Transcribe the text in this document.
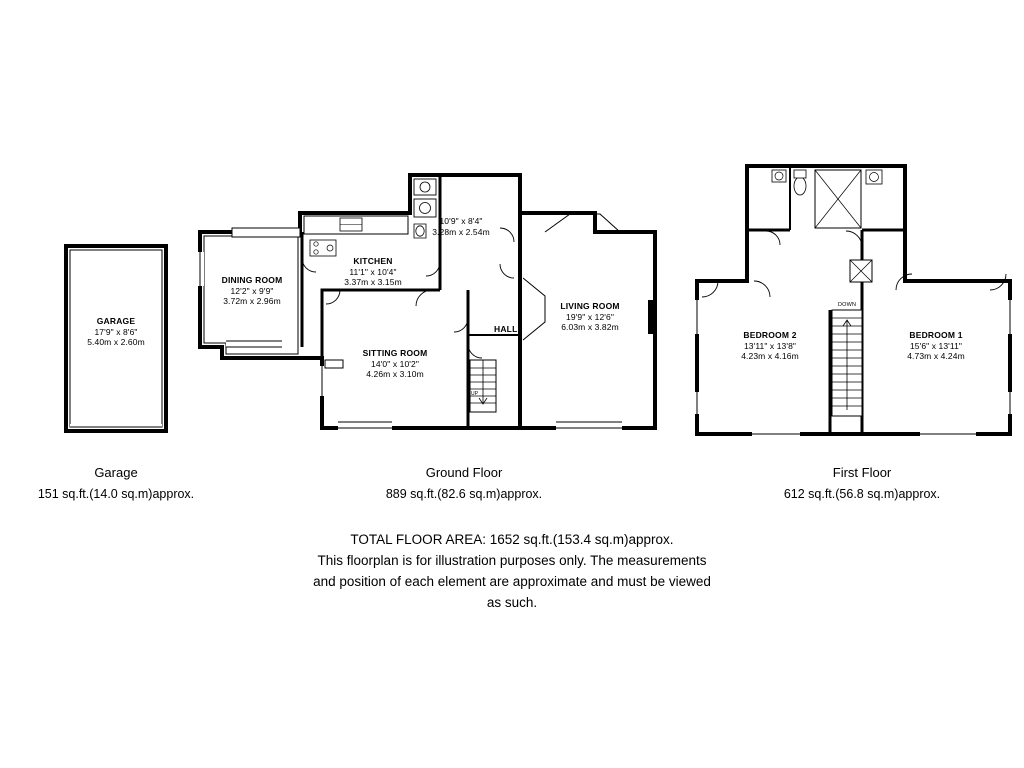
GARAGE
17'9" x 8'6"
5.40m x 2.60m
DINING ROOM
12'2" x 9'9"
3.72m x 2.96m
KITCHEN
11'1" x 10'4"
3.37m x 3.15m
10'9" x 8'4"
3.28m x 2.54m
LIVING ROOM
19'9" x 12'6"
6.03m x 3.82m
SITTING ROOM
14'0" x 10'2"
4.26m x 3.10m
HALL
UP
DOWN
BEDROOM 2
13'11" x 13'8"
4.23m x 4.16m
BEDROOM 1
15'6" x 13'11"
4.73m x 4.24m
Garage
151 sq.ft.(14.0 sq.m)approx.
Ground Floor
889 sq.ft.(82.6 sq.m)approx.
First Floor
612 sq.ft.(56.8 sq.m)approx.
TOTAL FLOOR AREA: 1652 sq.ft.(153.4 sq.m)approx.
This floorplan is for illustration purposes only. The measurements
and position of each element are approximate and must be viewed
as such.
